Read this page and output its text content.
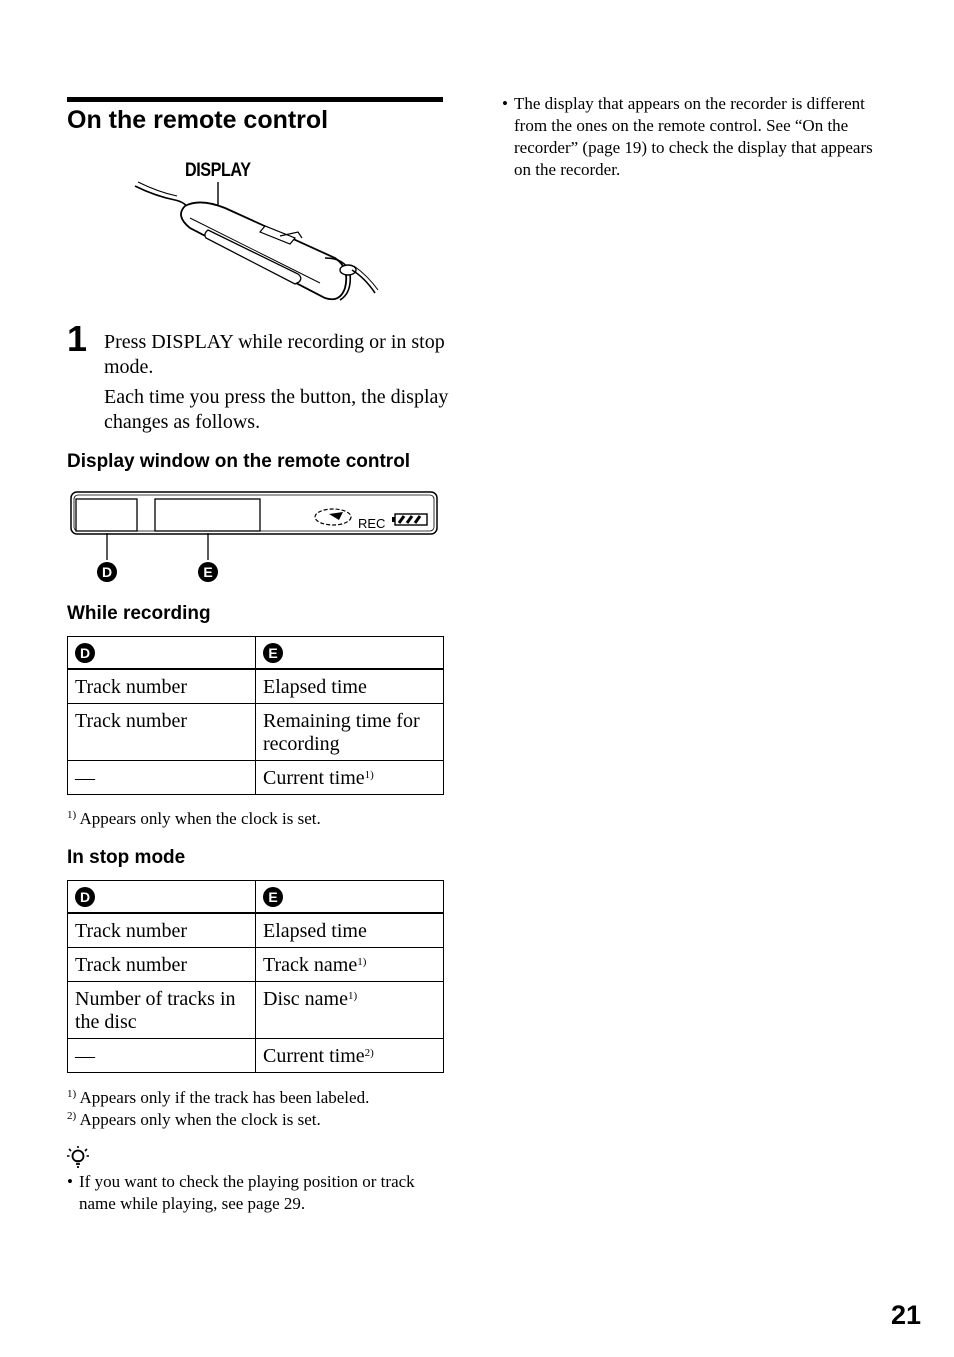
On the remote control
DISPLAY
1 Press DISPLAY while recording or in stop mode.
Each time you press the button, the display changes as follows.
Display window on the remote control
REC
D	E
While recording
D	E
Track number	Elapsed time
Track number	Remaining time for recording
—	Current time$^{1)}$
$^{1)}$ Appears only when the clock is set.
In stop mode
D	E
Track number	Elapsed time
Track number	Track name$^{1)}$
Number of tracks in the disc	Disc name$^{1)}$
—	Current time$^{2)}$
$^{1)}$ Appears only if the track has been labeled.
$^{2)}$ Appears only when the clock is set.
• If you want to check the playing position or track name while playing, see page 29.
• The display that appears on the recorder is different from the ones on the remote control. See “On the recorder” (page 19) to check the display that appears on the recorder.
21
